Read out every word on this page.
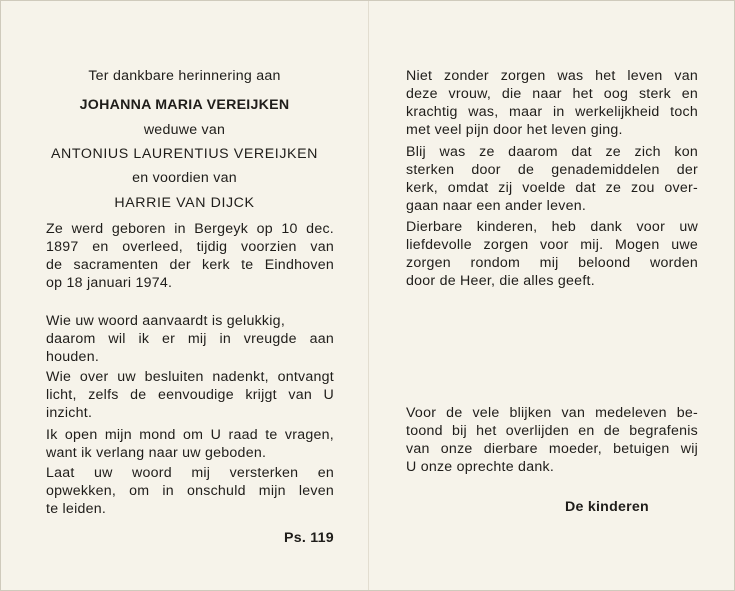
Ter dankbare herinnering aan
JOHANNA MARIA VEREIJKEN
weduwe van
ANTONIUS LAURENTIUS VEREIJKEN
en voordien van
HARRIE VAN DIJCK
Ze werd geboren in Bergeyk op 10 dec.
1897 en overleed, tijdig voorzien van
de sacramenten der kerk te Eindhoven
op 18 januari 1974.
Wie uw woord aanvaardt is gelukkig,
daarom wil ik er mij in vreugde aan
houden.
Wie over uw besluiten nadenkt, ontvangt
licht, zelfs de eenvoudige krijgt van U
inzicht.
Ik open mijn mond om U raad te vragen,
want ik verlang naar uw geboden.
Laat uw woord mij versterken en
opwekken, om in onschuld mijn leven
te leiden.
Ps. 119
Niet zonder zorgen was het leven van
deze vrouw, die naar het oog sterk en
krachtig was, maar in werkelijkheid toch
met veel pijn door het leven ging.
Blij was ze daarom dat ze zich kon
sterken door de genademiddelen der
kerk, omdat zij voelde dat ze zou over-
gaan naar een ander leven.
Dierbare kinderen, heb dank voor uw
liefdevolle zorgen voor mij. Mogen uwe
zorgen rondom mij beloond worden
door de Heer, die alles geeft.
Voor de vele blijken van medeleven be-
toond bij het overlijden en de begrafenis
van onze dierbare moeder, betuigen wij
U onze oprechte dank.
De kinderen
